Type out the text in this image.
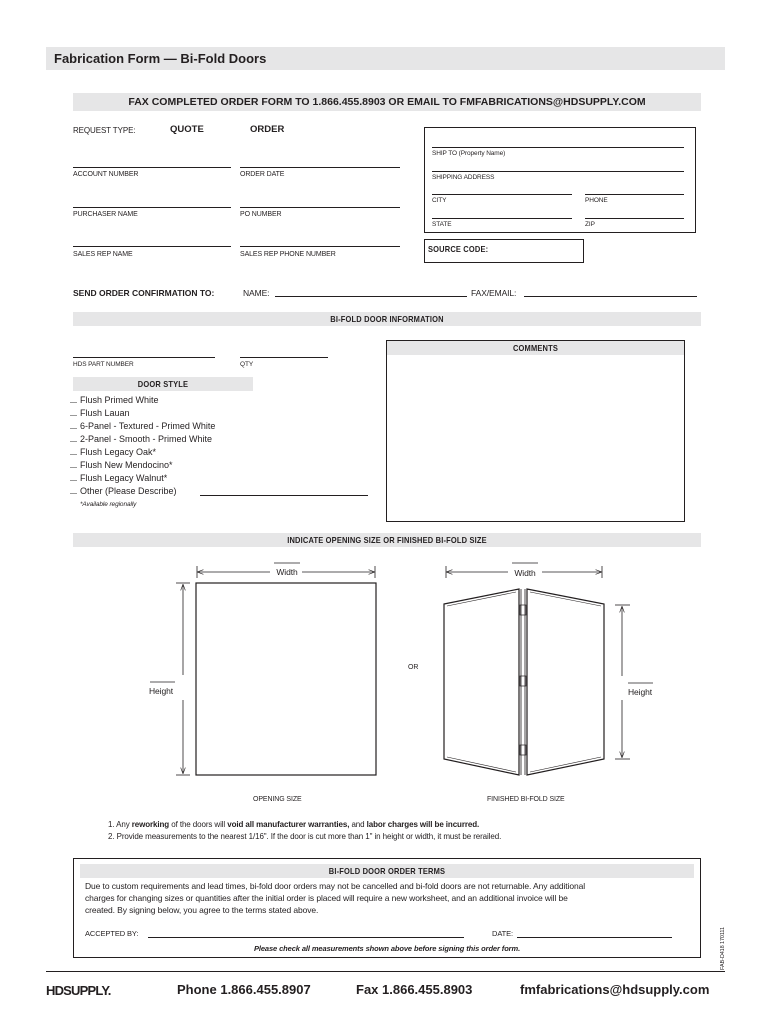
Fabrication Form — Bi-Fold Doors
FAX COMPLETED ORDER FORM TO 1.866.455.8903 OR EMAIL TO FMFABRICATIONS@HDSUPPLY.COM
REQUEST TYPE:	QUOTE	ORDER
ACCOUNT NUMBER	ORDER DATE
PURCHASER NAME	PO NUMBER
SALES REP NAME	SALES REP PHONE NUMBER
SHIP TO (Property Name)
SHIPPING ADDRESS
CITY	PHONE
STATE	ZIP
SOURCE CODE:
SEND ORDER CONFIRMATION TO:	NAME:	FAX/EMAIL:
BI-FOLD DOOR INFORMATION
HDS PART NUMBER	QTY
DOOR STYLE
Flush Primed White
Flush Lauan
6-Panel - Textured - Primed White
2-Panel - Smooth - Primed White
Flush Legacy Oak*
Flush New Mendocino*
Flush Legacy Walnut*
Other (Please Describe)
*Available regionally
COMMENTS
INDICATE OPENING SIZE OR FINISHED BI-FOLD SIZE
Width	Width
Height	Height
OR
OPENING SIZE	FINISHED BI-FOLD SIZE
1. Any reworking of the doors will void all manufacturer warranties, and labor charges will be incurred.
2. Provide measurements to the nearest 1/16". If the door is cut more than 1" in height or width, it must be rerailed.
BI-FOLD DOOR ORDER TERMS
Due to custom requirements and lead times, bi-fold door orders may not be cancelled and bi-fold doors are not returnable. Any additional
charges for changing sizes or quantities after the initial order is placed will require a new worksheet, and an additional invoice will be
created. By signing below, you agree to the terms stated above.
ACCEPTED BY:	DATE:
Please check all measurements shown above before signing this order form.	FAB-D418 170111
HDSUPPLY.	Phone 1.866.455.8907	Fax 1.866.455.8903	fmfabrications@hdsupply.com
